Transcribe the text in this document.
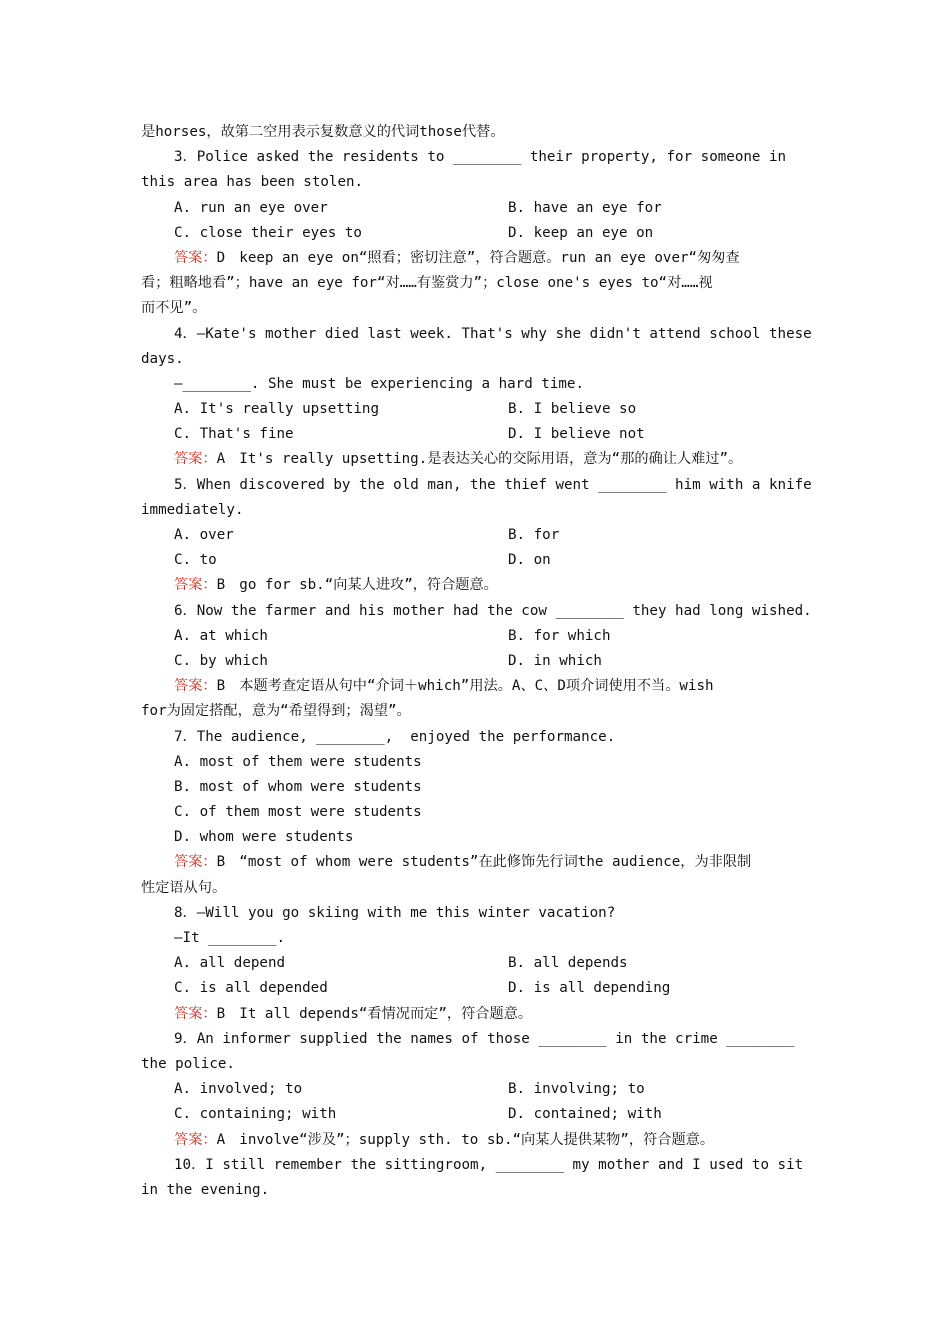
是horses，故第二空用表示复数意义的代词those代替。
3．Police asked the residents to ________ their property, for someone in
this area has been stolen.
A. run an eye over	B. have an eye for
C. close their eyes to	D. keep an eye on
答案：D　keep an eye on“照看；密切注意”，符合题意。run an eye over“匆匆查
看；粗略地看”；have an eye for“对……有鉴赏力”；close one's eyes to“对……视
而不见”。
4．—Kate's mother died last week. That's why she didn't attend school these
days.
—________. She must be experiencing a hard time.
A. It's really upsetting	B. I believe so
C. That's fine	D. I believe not
答案：A　It's really upsetting.是表达关心的交际用语，意为“那的确让人难过”。
5．When discovered by the old man, the thief went ________ him with a knife
immediately.
A. over	B. for
C. to	D. on
答案：B　go for sb.“向某人进攻”，符合题意。
6．Now the farmer and his mother had the cow ________ they had long wished.
A. at which	B. for which
C. by which	D. in which
答案：B　本题考查定语从句中“介词＋which”用法。A、C、D项介词使用不当。wish
for为固定搭配，意为“希望得到；渴望”。
7．The audience, ________,  enjoyed the performance.
A. most of them were students
B. most of whom were students
C. of them most were students
D. whom were students
答案：B　“most of whom were students”在此修饰先行词the audience，为非限制
性定语从句。
8．—Will you go skiing with me this winter vacation?
—It ________.
A. all depend	B. all depends
C. is all depended	D. is all depending
答案：B　It all depends“看情况而定”，符合题意。
9．An informer supplied the names of those ________ in the crime ________
the police.
A. involved; to	B. involving; to
C. containing; with	D. contained; with
答案：A　involve“涉及”；supply sth. to sb.“向某人提供某物”，符合题意。
10．I still remember the sittingroom, ________ my mother and I used to sit
in the evening.
